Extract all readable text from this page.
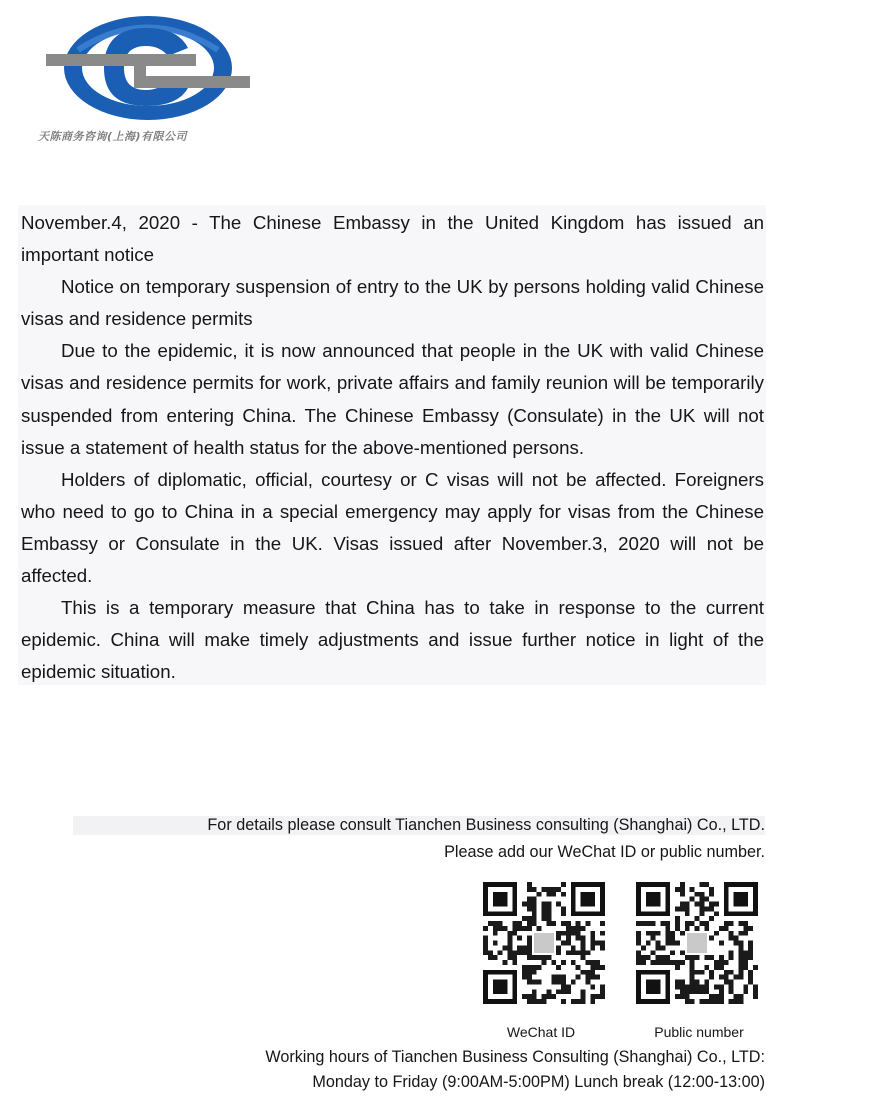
天陈商务咨询(上海)有限公司

November.4, 2020 - The Chinese Embassy in the United Kingdom has issued an important notice

Notice on temporary suspension of entry to the UK by persons holding valid Chinese visas and residence permits

Due to the epidemic, it is now announced that people in the UK with valid Chinese visas and residence permits for work, private affairs and family reunion will be temporarily suspended from entering China. The Chinese Embassy (Consulate) in the UK will not issue a statement of health status for the above-mentioned persons.

Holders of diplomatic, official, courtesy or C visas will not be affected. Foreigners who need to go to China in a special emergency may apply for visas from the Chinese Embassy or Consulate in the UK. Visas issued after November.3, 2020 will not be affected.

This is a temporary measure that China has to take in response to the current epidemic. China will make timely adjustments and issue further notice in light of the epidemic situation.

For details please consult Tianchen Business consulting (Shanghai) Co., LTD.
Please add our WeChat ID or public number.
WeChat ID	Public number
Working hours of Tianchen Business Consulting (Shanghai) Co., LTD:
Monday to Friday (9:00AM-5:00PM) Lunch break (12:00-13:00)
